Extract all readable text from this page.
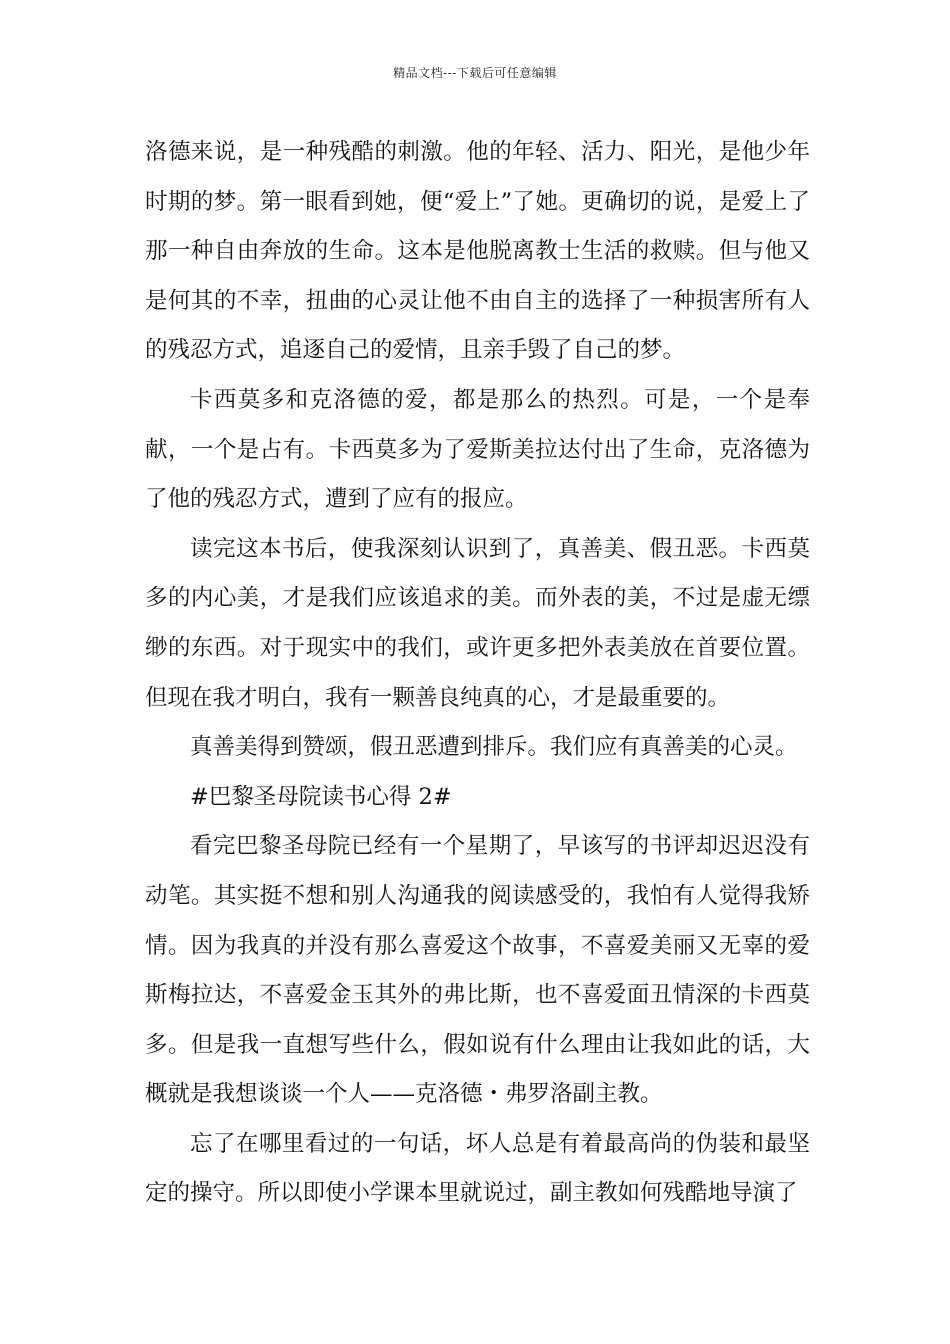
精品文档---下载后可任意编辑

洛德来说，是一种残酷的刺激。他的年轻、活力、阳光，是他少年时期的梦。第一眼看到她，便“爱上”了她。更确切的说，是爱上了那一种自由奔放的生命。这本是他脱离教士生活的救赎。但与他又是何其的不幸，扭曲的心灵让他不由自主的选择了一种损害所有人的残忍方式，追逐自己的爱情，且亲手毁了自己的梦。

卡西莫多和克洛德的爱，都是那么的热烈。可是，一个是奉献，一个是占有。卡西莫多为了爱斯美拉达付出了生命，克洛德为了他的残忍方式，遭到了应有的报应。

读完这本书后，使我深刻认识到了，真善美、假丑恶。卡西莫多的内心美，才是我们应该追求的美。而外表的美，不过是虚无缥缈的东西。对于现实中的我们，或许更多把外表美放在首要位置。但现在我才明白，我有一颗善良纯真的心，才是最重要的。

真善美得到赞颂，假丑恶遭到排斥。我们应有真善美的心灵。

#巴黎圣母院读书心得 2#

看完巴黎圣母院已经有一个星期了，早该写的书评却迟迟没有动笔。其实挺不想和别人沟通我的阅读感受的，我怕有人觉得我矫情。因为我真的并没有那么喜爱这个故事，不喜爱美丽又无辜的爱斯梅拉达，不喜爱金玉其外的弗比斯，也不喜爱面丑情深的卡西莫多。但是我一直想写些什么，假如说有什么理由让我如此的话，大概就是我想谈谈一个人——克洛德・弗罗洛副主教。

忘了在哪里看过的一句话，坏人总是有着最高尚的伪装和最坚定的操守。所以即使小学课本里就说过，副主教如何残酷地导演了
